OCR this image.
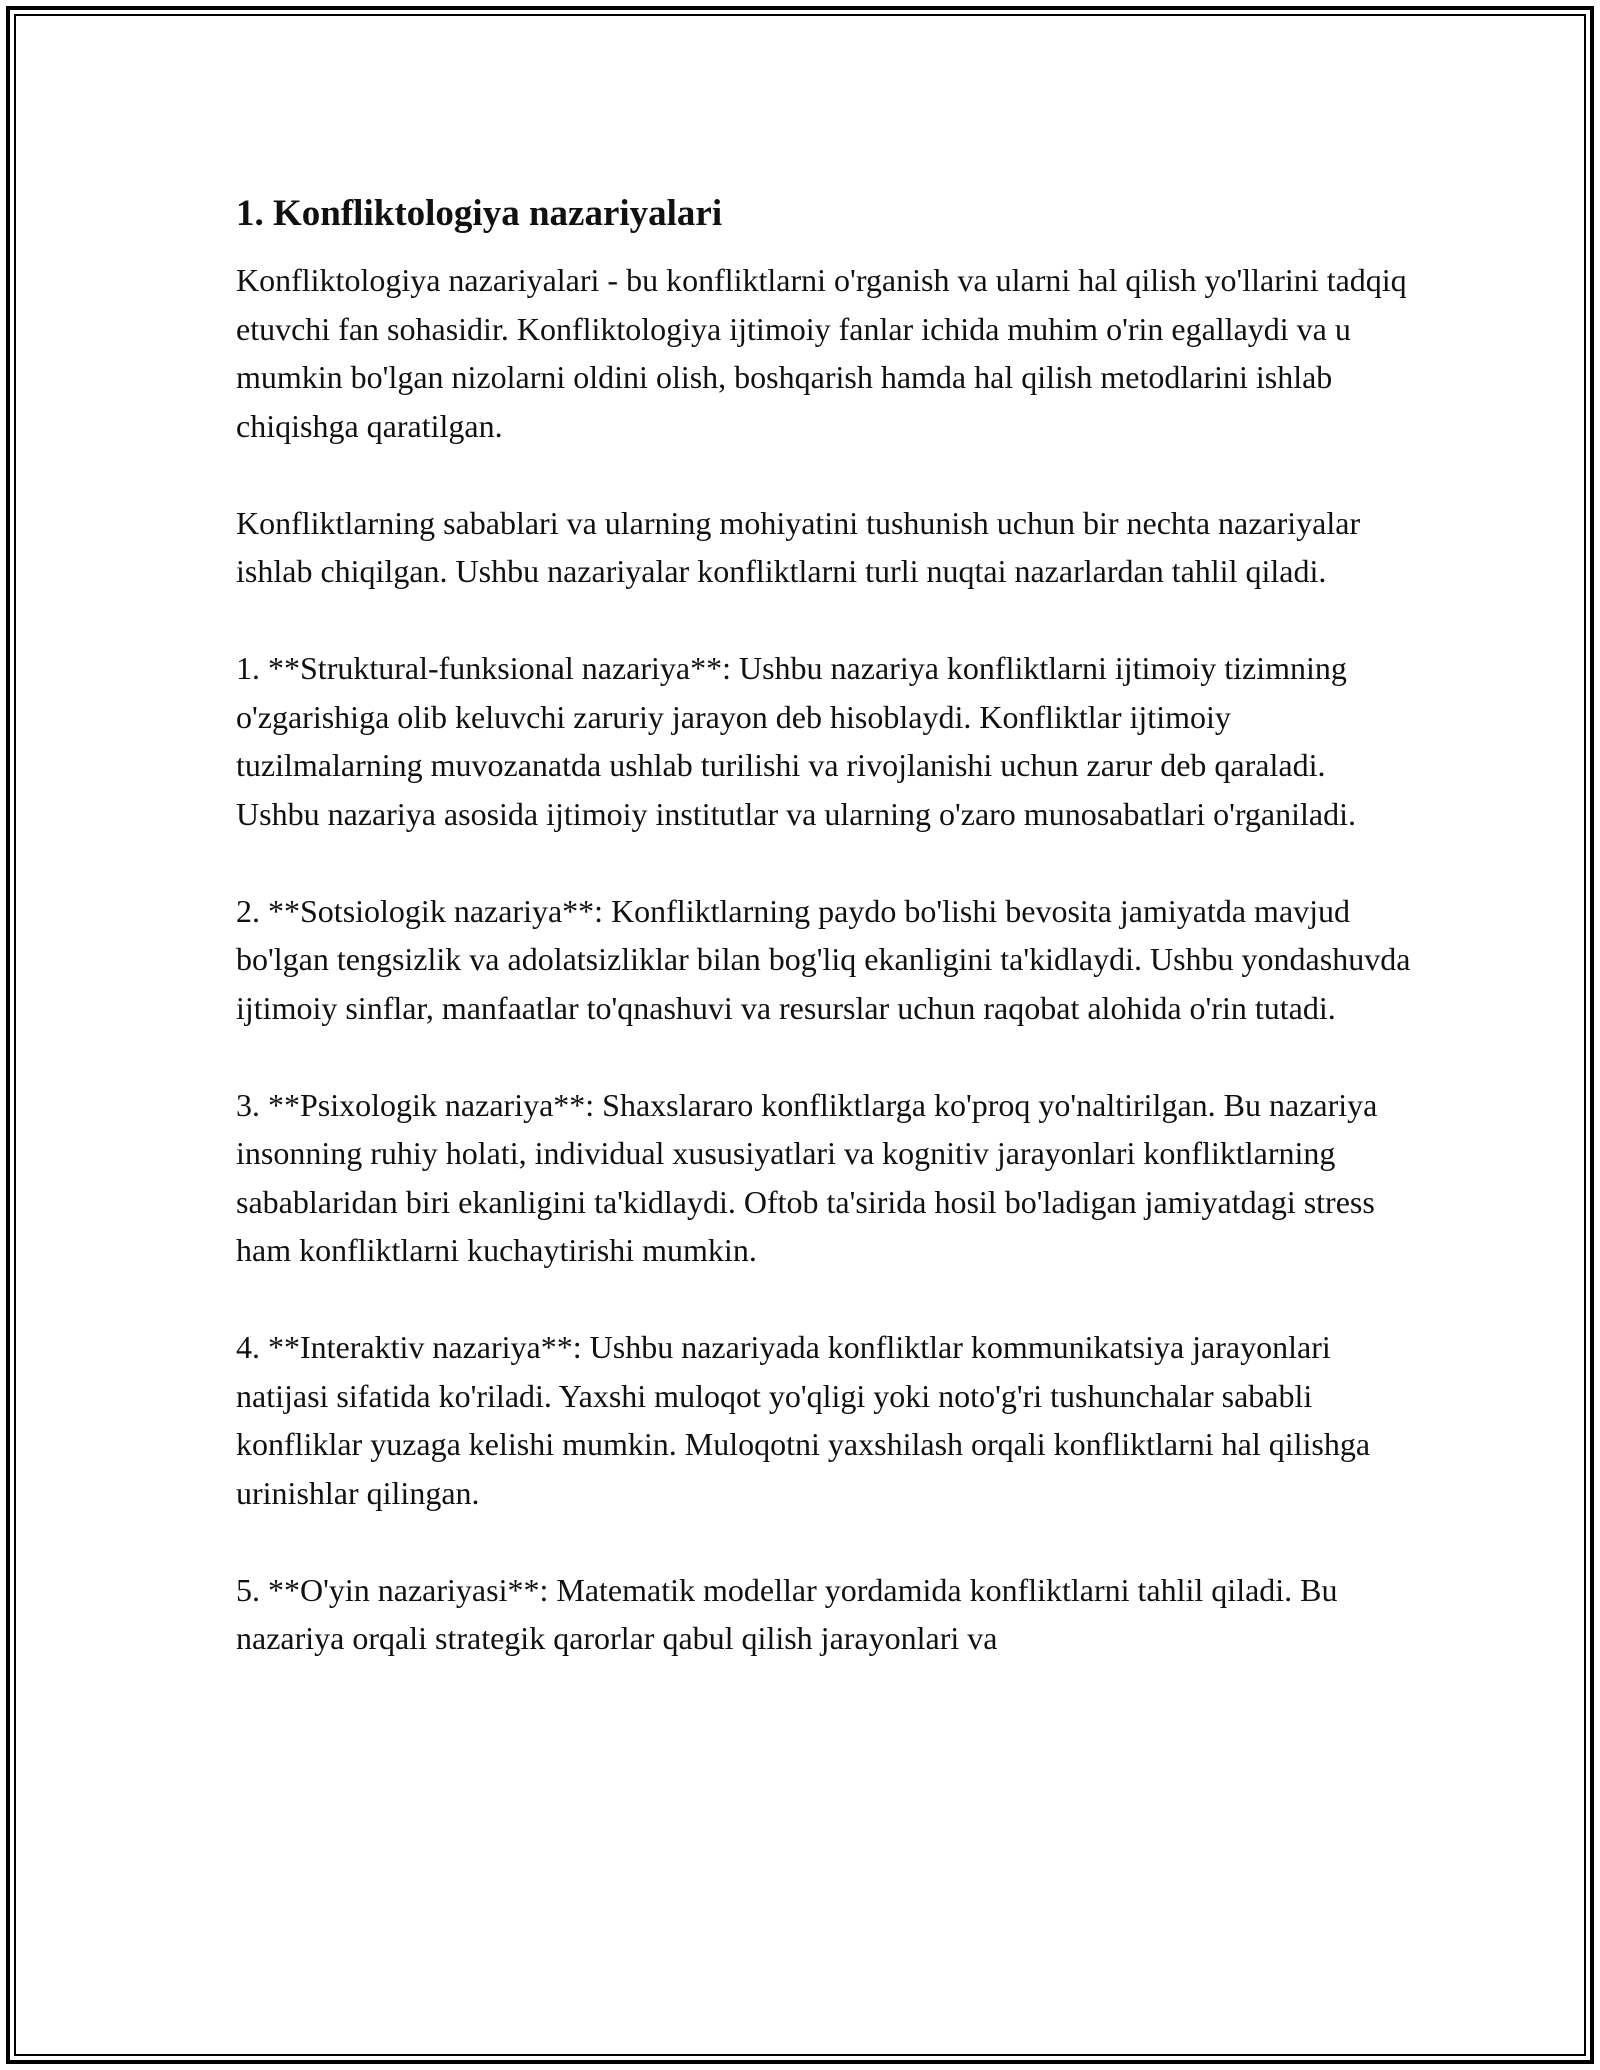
1. Konfliktologiya nazariyalari

Konfliktologiya nazariyalari - bu konfliktlarni o'rganish va ularni hal qilish yo'llarini tadqiq etuvchi fan sohasidir. Konfliktologiya ijtimoiy fanlar ichida muhim o'rin egallaydi va u mumkin bo'lgan nizolarni oldini olish, boshqarish hamda hal qilish metodlarini ishlab chiqishga qaratilgan.

Konfliktlarning sabablari va ularning mohiyatini tushunish uchun bir nechta nazariyalar ishlab chiqilgan. Ushbu nazariyalar konfliktlarni turli nuqtai nazarlardan tahlil qiladi.

1. **Struktural-funksional nazariya**: Ushbu nazariya konfliktlarni ijtimoiy tizimning o'zgarishiga olib keluvchi zaruriy jarayon deb hisoblaydi. Konfliktlar ijtimoiy tuzilmalarning muvozanatda ushlab turilishi va rivojlanishi uchun zarur deb qaraladi. Ushbu nazariya asosida ijtimoiy institutlar va ularning o'zaro munosabatlari o'rganiladi.

2. **Sotsiologik nazariya**: Konfliktlarning paydo bo'lishi bevosita jamiyatda mavjud bo'lgan tengsizlik va adolatsizliklar bilan bog'liq ekanligini ta'kidlaydi. Ushbu yondashuvda ijtimoiy sinflar, manfaatlar to'qnashuvi va resurslar uchun raqobat alohida o'rin tutadi.

3. **Psixologik nazariya**: Shaxslararo konfliktlarga ko'proq yo'naltirilgan. Bu nazariya insonning ruhiy holati, individual xususiyatlari va kognitiv jarayonlari konfliktlarning sabablaridan biri ekanligini ta'kidlaydi. Oftob ta'sirida hosil bo'ladigan jamiyatdagi stress ham konfliktlarni kuchaytirishi mumkin.

4. **Interaktiv nazariya**: Ushbu nazariyada konfliktlar kommunikatsiya jarayonlari natijasi sifatida ko'riladi. Yaxshi muloqot yo'qligi yoki noto'g'ri tushunchalar sababli konfliklar yuzaga kelishi mumkin. Muloqotni yaxshilash orqali konfliktlarni hal qilishga urinishlar qilingan.

5. **O'yin nazariyasi**: Matematik modellar yordamida konfliktlarni tahlil qiladi. Bu nazariya orqali strategik qarorlar qabul qilish jarayonlari va
